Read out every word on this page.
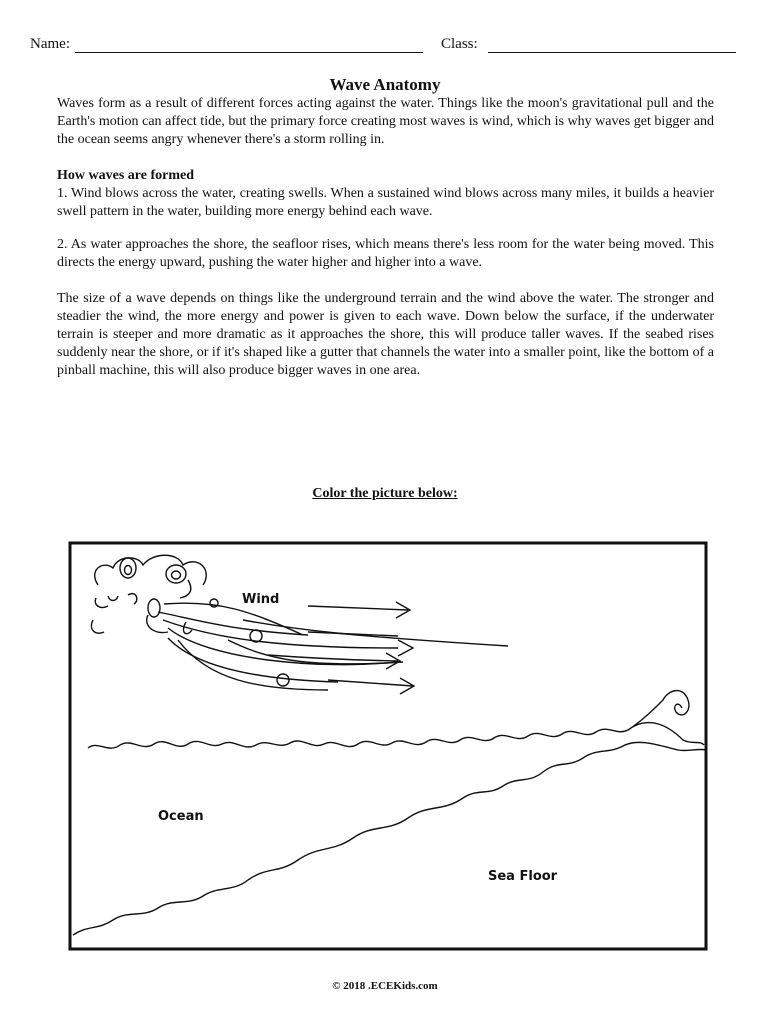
Name:	Class:
Wave Anatomy

Waves form as a result of different forces acting against the water. Things like the moon's gravitational pull and the Earth's motion can affect tide, but the primary force creating most waves is wind, which is why waves get bigger and the ocean seems angry whenever there's a storm rolling in.

How waves are formed

1. Wind blows across the water, creating swells. When a sustained wind blows across many miles, it builds a heavier swell pattern in the water, building more energy behind each wave.

2. As water approaches the shore, the seafloor rises, which means there's less room for the water being moved. This directs the energy upward, pushing the water higher and higher into a wave.

The size of a wave depends on things like the underground terrain and the wind above the water. The stronger and steadier the wind, the more energy and power is given to each wave. Down below the surface, if the underwater terrain is steeper and more dramatic as it approaches the shore, this will produce taller waves. If the seabed rises suddenly near the shore, or if it's shaped like a gutter that channels the water into a smaller point, like the bottom of a pinball machine, this will also produce bigger waves in one area.

Color the picture below:
Wind
Ocean
Sea Floor
© 2018 .ECEKids.com
